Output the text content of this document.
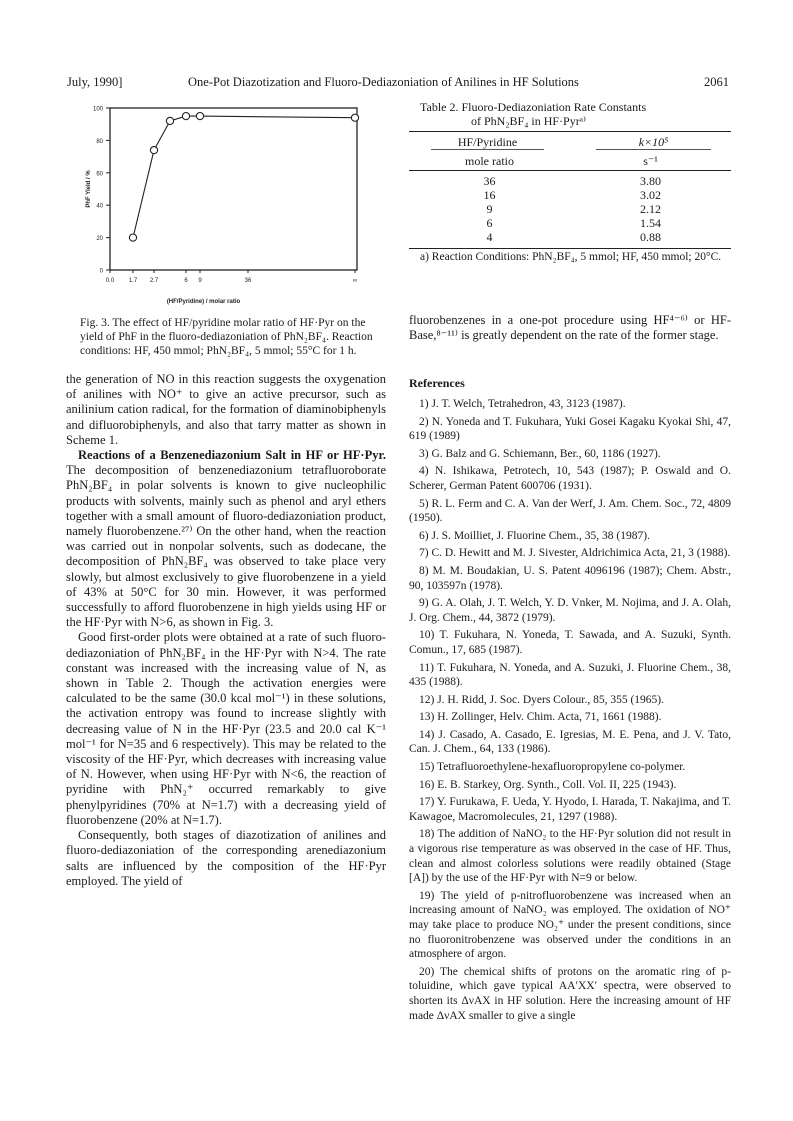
July, 1990]	One-Pot Diazotization and Fluoro-Dediazoniation of Anilines in HF Solutions	2061
0
20
40
60
80
100
0.0 1.7 2.7	6 9	36	∞
PhF Yield / %
(HF/Pyridine) / molar ratio
Fig. 3. The effect of HF/pyridine molar ratio of HF·Pyr on the yield of PhF in the fluoro-dediazoniation of PhN₂BF₄. Reaction conditions: HF, 450 mmol; PhN₂BF₄, 5 mmol; 55°C for 1 h.
Table 2. Fluoro-Dediazoniation Rate Constants
of PhN₂BF₄ in HF·Pyrᵃ⁾
HF/Pyridine	k×10⁵

mole ratio	s⁻¹
36	3.80
16	3.02
9	2.12
6	1.54
4	0.88
a) Reaction Conditions: PhN₂BF₄, 5 mmol; HF, 450 mmol; 20°C.

the generation of NO in this reaction suggests the oxygenation of anilines with NO⁺ to give an active precursor, such as anilinium cation radical, for the formation of diaminobiphenyls and difluorobiphenyls, and also that tarry matter as shown in Scheme 1.

Reactions of a Benzenediazonium Salt in HF or HF·Pyr. The decomposition of benzenediazonium tetrafluoroborate PhN₂BF₄ in polar solvents is known to give nucleophilic products with solvents, mainly such as phenol and aryl ethers together with a small amount of fluoro-dediazoniation product, namely fluorobenzene.²⁷⁾ On the other hand, when the reaction was carried out in nonpolar solvents, such as dodecane, the decomposition of PhN₂BF₄ was observed to take place very slowly, but almost exclusively to give fluorobenzene in a yield of 43% at 50°C for 30 min. However, it was performed successfully to afford fluorobenzene in high yields using HF or the HF·Pyr with N>6, as shown in Fig. 3.

Good first-order plots were obtained at a rate of such fluoro-dediazoniation of PhN₂BF₄ in the HF·Pyr with N>4. The rate constant was increased with the increasing value of N, as shown in Table 2. Though the activation energies were calculated to be the same (30.0 kcal mol⁻¹) in these solutions, the activation entropy was found to increase slightly with decreasing value of N in the HF·Pyr (23.5 and 20.0 cal K⁻¹ mol⁻¹ for N=35 and 6 respectively). This may be related to the viscosity of the HF·Pyr, which decreases with increasing value of N. However, when using HF·Pyr with N<6, the reaction of pyridine with PhN₂⁺ occurred remarkably to give phenylpyridines (70% at N=1.7) with a decreasing yield of fluorobenzene (20% at N=1.7).

Consequently, both stages of diazotization of anilines and fluoro-dediazoniation of the corresponding arenediazonium salts are influenced by the composition of the HF·Pyr employed. The yield of

fluorobenzenes in a one-pot procedure using HF⁴⁻⁶⁾ or HF-Base,⁸⁻¹¹⁾ is greatly dependent on the rate of the former stage.

References
1) J. T. Welch, Tetrahedron, 43, 3123 (1987).
2) N. Yoneda and T. Fukuhara, Yuki Gosei Kagaku Kyokai Shi, 47, 619 (1989)
3) G. Balz and G. Schiemann, Ber., 60, 1186 (1927).
4) N. Ishikawa, Petrotech, 10, 543 (1987); P. Oswald and O. Scherer, German Patent 600706 (1931).
5) R. L. Ferm and C. A. Van der Werf, J. Am. Chem. Soc., 72, 4809 (1950).
6) J. S. Moilliet, J. Fluorine Chem., 35, 38 (1987).
7) C. D. Hewitt and M. J. Sivester, Aldrichimica Acta, 21, 3 (1988).
8) M. M. Boudakian, U. S. Patent 4096196 (1987); Chem. Abstr., 90, 103597n (1978).
9) G. A. Olah, J. T. Welch, Y. D. Vnker, M. Nojima, and J. A. Olah, J. Org. Chem., 44, 3872 (1979).
10) T. Fukuhara, N. Yoneda, T. Sawada, and A. Suzuki, Synth. Comun., 17, 685 (1987).
11) T. Fukuhara, N. Yoneda, and A. Suzuki, J. Fluorine Chem., 38, 435 (1988).
12) J. H. Ridd, J. Soc. Dyers Colour., 85, 355 (1965).
13) H. Zollinger, Helv. Chim. Acta, 71, 1661 (1988).
14) J. Casado, A. Casado, E. Igresias, M. E. Pena, and J. V. Tato, Can. J. Chem., 64, 133 (1986).
15) Tetrafluoroethylene-hexafluoropropylene co-polymer.
16) E. B. Starkey, Org. Synth., Coll. Vol. II, 225 (1943).
17) Y. Furukawa, F. Ueda, Y. Hyodo, I. Harada, T. Nakajima, and T. Kawagoe, Macromolecules, 21, 1297 (1988).
18) The addition of NaNO₂ to the HF·Pyr solution did not result in a vigorous rise temperature as was observed in the case of HF. Thus, clean and almost colorless solutions were readily obtained (Stage [A]) by the use of the HF·Pyr with N=9 or below.
19) The yield of p-nitrofluorobenzene was increased when an increasing amount of NaNO₂ was employed. The oxidation of NO⁺ may take place to produce NO₂⁺ under the present conditions, since no fluoronitrobenzene was observed under the conditions in an atmosphere of argon.
20) The chemical shifts of protons on the aromatic ring of p-toluidine, which gave typical AA′XX′ spectra, were observed to shorten its ΔνAX in HF solution. Here the increasing amount of HF made ΔνAX smaller to give a single
